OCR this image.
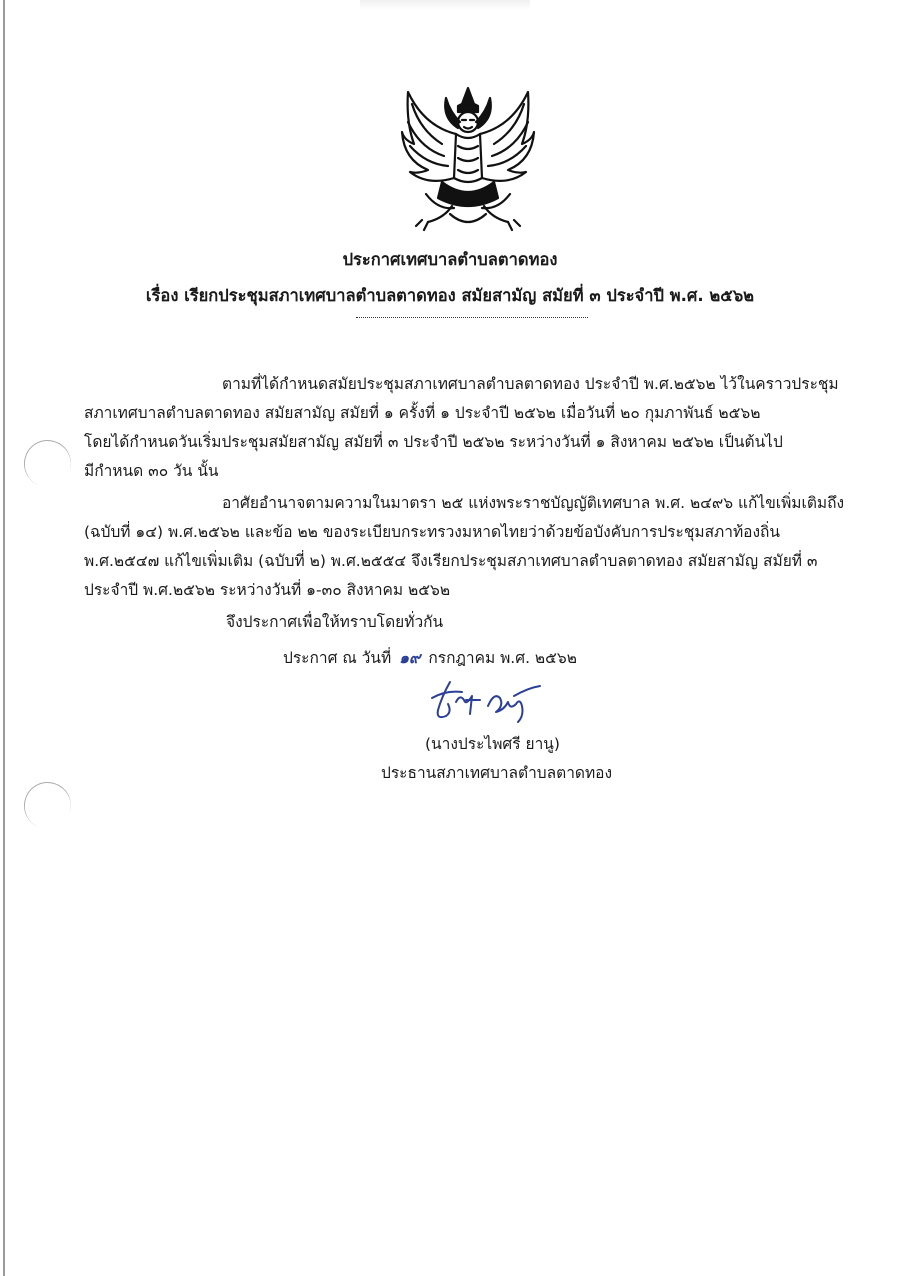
ประกาศเทศบาลตำบลตาดทอง
เรื่อง เรียกประชุมสภาเทศบาลตำบลตาดทอง สมัยสามัญ สมัยที่ ๓ ประจำปี พ.ศ. ๒๕๖๒
ตามที่ได้กำหนดสมัยประชุมสภาเทศบาลตำบลตาดทอง ประจำปี พ.ศ.๒๕๖๒ ไว้ในคราวประชุม
สภาเทศบาลตำบลตาดทอง สมัยสามัญ สมัยที่ ๑ ครั้งที่ ๑ ประจำปี ๒๕๖๒ เมื่อวันที่ ๒๐ กุมภาพันธ์ ๒๕๖๒
โดยได้กำหนดวันเริ่มประชุมสมัยสามัญ สมัยที่ ๓ ประจำปี ๒๕๖๒ ระหว่างวันที่ ๑ สิงหาคม ๒๕๖๒ เป็นต้นไป
มีกำหนด ๓๐ วัน นั้น
อาศัยอำนาจตามความในมาตรา ๒๕ แห่งพระราชบัญญัติเทศบาล พ.ศ. ๒๔๙๖ แก้ไขเพิ่มเติมถึง
(ฉบับที่ ๑๔) พ.ศ.๒๕๖๒ และข้อ ๒๒ ของระเบียบกระทรวงมหาดไทยว่าด้วยข้อบังคับการประชุมสภาท้องถิ่น
พ.ศ.๒๕๔๗ แก้ไขเพิ่มเติม (ฉบับที่ ๒) พ.ศ.๒๕๕๔ จึงเรียกประชุมสภาเทศบาลตำบลตาดทอง สมัยสามัญ สมัยที่ ๓
ประจำปี พ.ศ.๒๕๖๒ ระหว่างวันที่ ๑-๓๐ สิงหาคม ๒๕๖๒
จึงประกาศเพื่อให้ทราบโดยทั่วกัน
ประกาศ ณ วันที่ ๑๙ กรกฎาคม พ.ศ. ๒๕๖๒
(นางประไพศรี ยานู)
ประธานสภาเทศบาลตำบลตาดทอง
